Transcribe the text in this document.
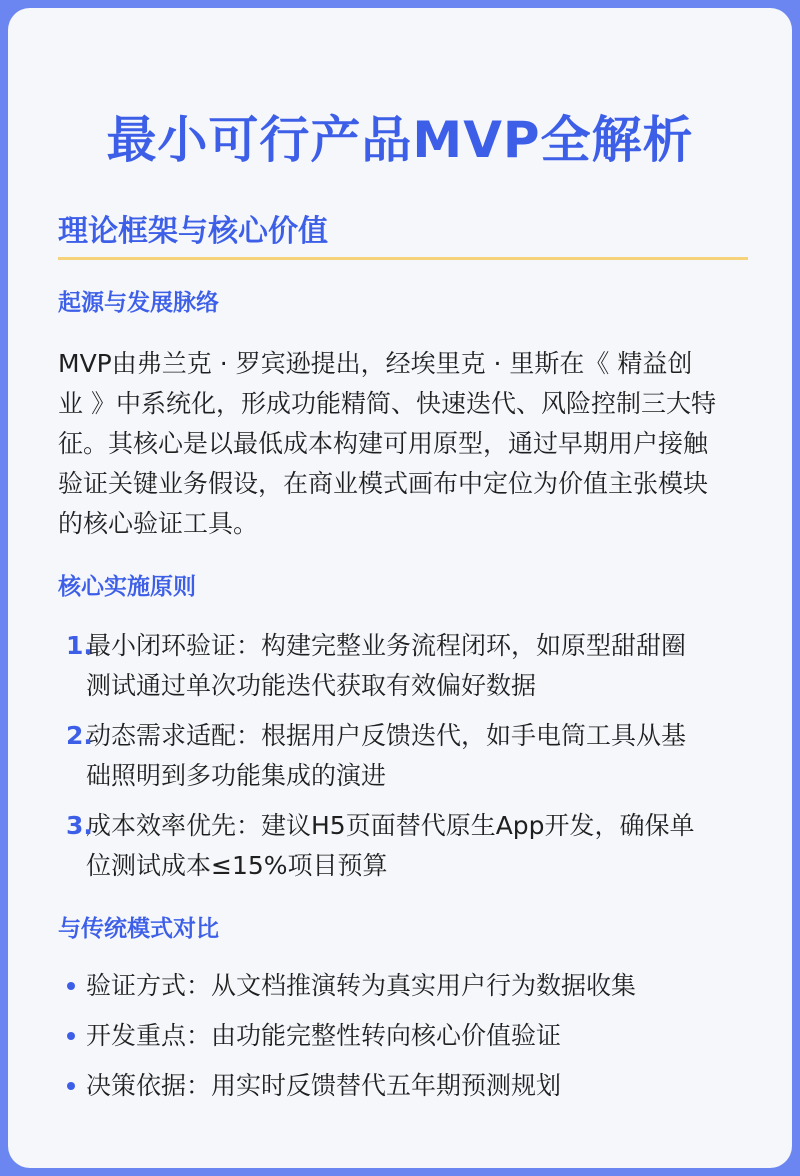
最小可行产品MVP全解析
理论框架与核心价值
起源与发展脉络
MVP由弗兰克 · 罗宾逊提出，经埃里克 · 里斯在《 精益创
业 》中系统化，形成功能精简、快速迭代、风险控制三大特
征。其核心是以最低成本构建可用原型，通过早期用户接触
验证关键业务假设，在商业模式画布中定位为价值主张模块
的核心验证工具。
核心实施原则
1.
最小闭环验证：构建完整业务流程闭环，如原型甜甜圈
测试通过单次功能迭代获取有效偏好数据
2.
动态需求适配：根据用户反馈迭代，如手电筒工具从基
础照明到多功能集成的演进
3.
成本效率优先：建议H5页面替代原生App开发，确保单
位测试成本≤15%项目预算
与传统模式对比
验证方式：从文档推演转为真实用户行为数据收集
开发重点：由功能完整性转向核心价值验证
决策依据：用实时反馈替代五年期预测规划
